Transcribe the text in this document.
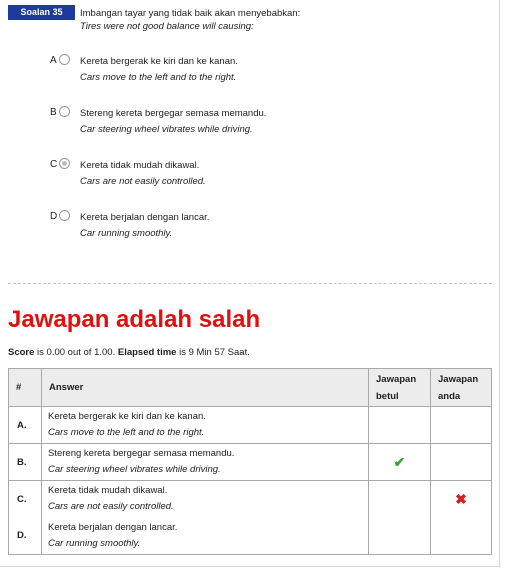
Soalan 35	Imbangan tayar yang tidak baik akan menyebabkan:
Tires were not good balance will causing:
A Kereta bergerak ke kiri dan ke kanan.
Cars move to the left and to the right.
B Stereng kereta bergegar semasa memandu.
Car steering wheel vibrates while driving.
C Kereta tidak mudah dikawal.
Cars are not easily controlled.
D Kereta berjalan dengan lancar.
Car running smoothly.
Jawapan adalah salah
Score is 0.00 out of 1.00. Elapsed time is 9 Min 57 Saat.
#	Answer	Jawapan betul	Jawapan anda
A.	Kereta bergerak ke kiri dan ke kanan.
Cars move to the left and to the right.		

B.	Stereng kereta bergegar semasa memandu.
Car steering wheel vibrates while driving.	✔	
C.	Kereta tidak mudah dikawal.
Cars are not easily controlled.		✖
D.	Kereta berjalan dengan lancar.
Car running smoothly.		
